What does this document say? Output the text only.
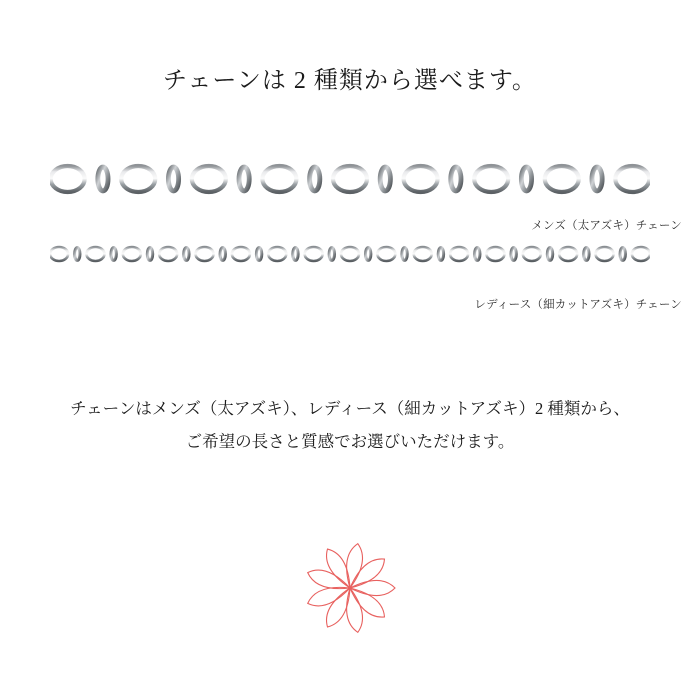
チェーンは 2 種類から選べます。
メンズ（太アズキ）チェーン
レディース（細カットアズキ）チェーン
チェーンはメンズ（太アズキ）、レディース（細カットアズキ）2 種類から、
ご希望の長さと質感でお選びいただけます。
